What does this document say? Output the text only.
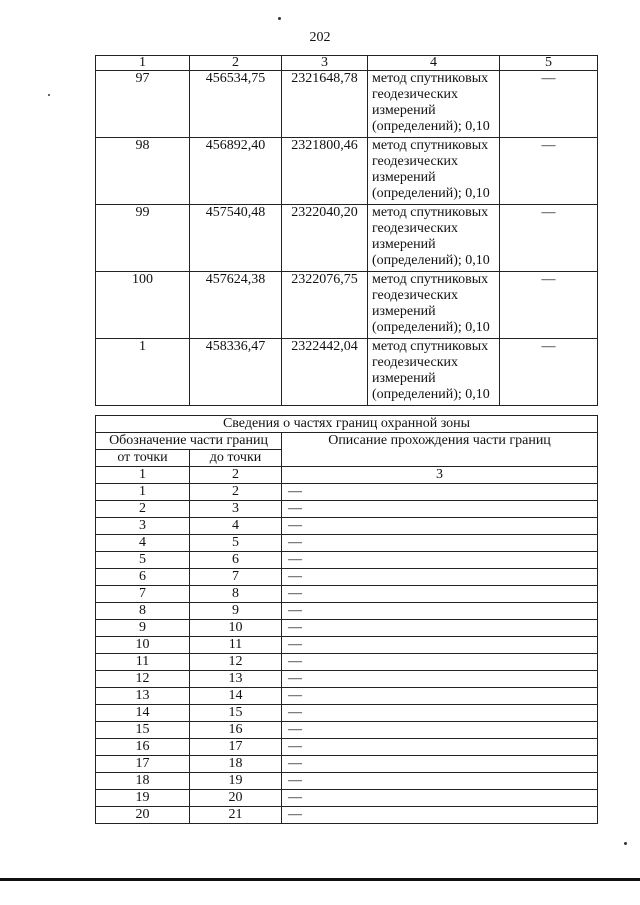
202
1	2	3	4	5
97	456534,75	2321648,78	метод спутниковых
геодезических
измерений
(определений); 0,10	—
98	456892,40	2321800,46	метод спутниковых
геодезических
измерений
(определений); 0,10	—
99	457540,48	2322040,20	метод спутниковых
геодезических
измерений
(определений); 0,10	—
100	457624,38	2322076,75	метод спутниковых
геодезических
измерений
(определений); 0,10	—
1	458336,47	2322442,04	метод спутниковых
геодезических
измерений
(определений); 0,10	—
Сведения о частях границ охранной зоны		
Обозначение части границ		Описание прохождения части границ
от точки	до точки	
1	2	3
1	2	—
2	3	—
3	4	—
4	5	—
5	6	—
6	7	—
7	8	—
8	9	—
9	10	—
10	11	—
11	12	—
12	13	—
13	14	—
14	15	—
15	16	—
16	17	—
17	18	—
18	19	—
19	20	—
20	21	—
